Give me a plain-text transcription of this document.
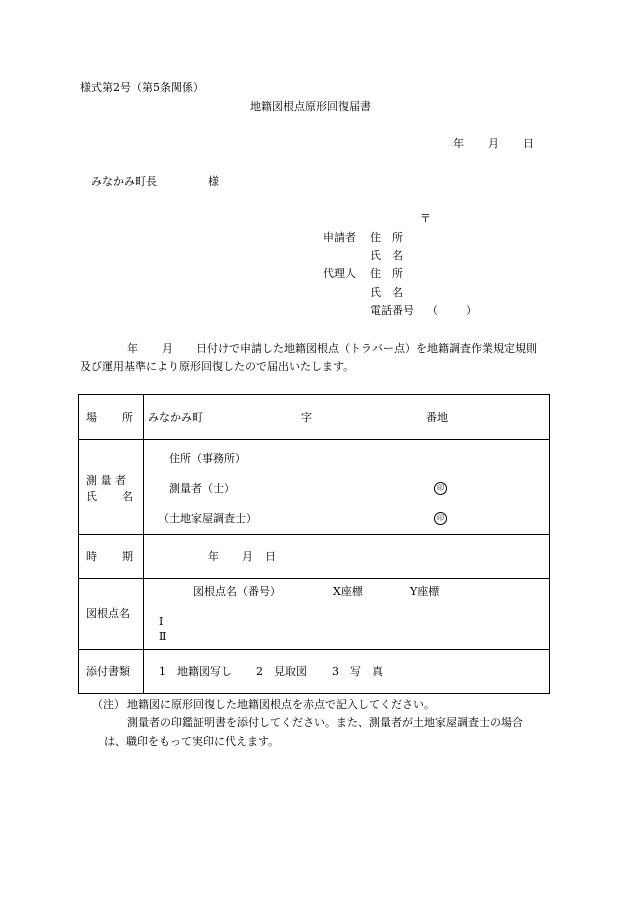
様式第2号（第5条関係）
地籍図根点原形回復届書
年 月 日
みなかみ町長	様
〒
申請者 住　所
氏　名
代理人 住　所
氏　名
電話番号 （	）
年 月 日付けで申請した地籍図根点（トラバー点）を地籍調査作業規定規則
及び運用基準により原形回復したので届出いたします。
場 所 みなかみ町	字	番地
測 量 者
氏 名
住所（事務所）
測量者（士）	印
（土地家屋調査士）	印
時 期	年 月 日
図根点名
図根点名（番号）	X座標	Y座標
Ⅰ
Ⅱ
添付書類	1　地籍図写し 2　見取図 3　写　真
（注） 地籍図に原形回復した地籍図根点を赤点で記入してください。
測量者の印鑑証明書を添付してください。また、測量者が土地家屋調査士の場合
は、職印をもって実印に代えます。
